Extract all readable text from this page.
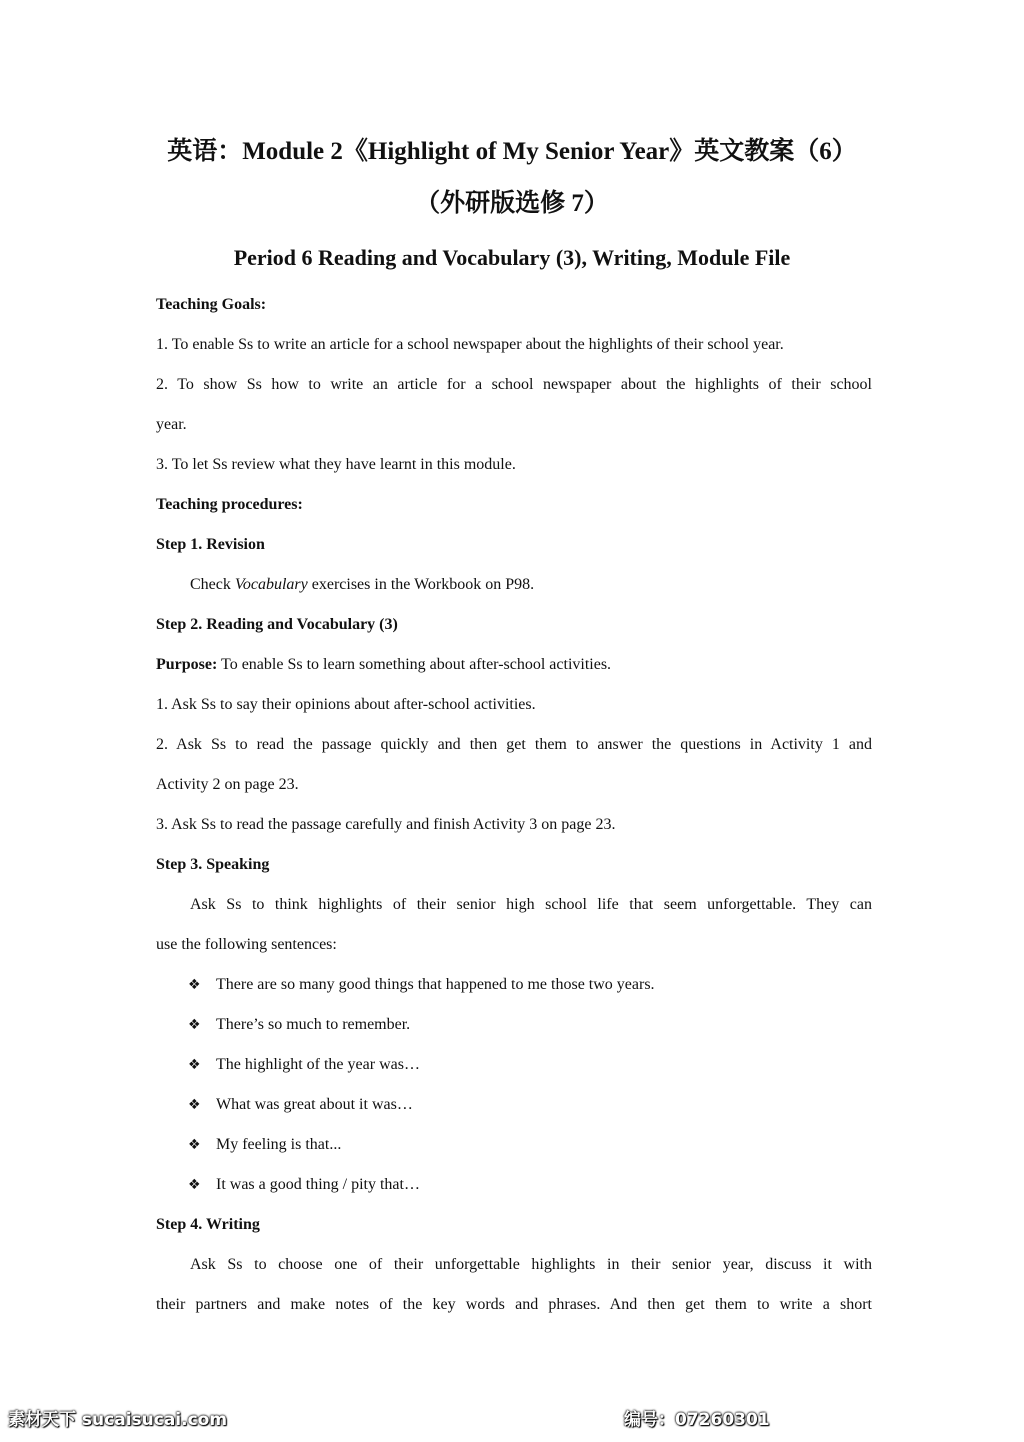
英语：Module 2《Highlight of My Senior Year》英文教案（6）
（外研版选修 7）
Period 6 Reading and Vocabulary (3), Writing, Module File
Teaching Goals:
1. To enable Ss to write an article for a school newspaper about the highlights of their school year.
2. To show Ss how to write an article for a school newspaper about the highlights of their school
year.
3. To let Ss review what they have learnt in this module.
Teaching procedures:
Step 1. Revision
Check Vocabulary exercises in the Workbook on P98.
Step 2. Reading and Vocabulary (3)
Purpose: To enable Ss to learn something about after-school activities.
1. Ask Ss to say their opinions about after-school activities.
2. Ask Ss to read the passage quickly and then get them to answer the questions in Activity 1 and
Activity 2 on page 23.
3. Ask Ss to read the passage carefully and finish Activity 3 on page 23.
Step 3. Speaking
Ask Ss to think highlights of their senior high school life that seem unforgettable. They can
use the following sentences:
❖ There are so many good things that happened to me those two years.
❖ There’s so much to remember.
❖ The highlight of the year was…
❖ What was great about it was…
❖ My feeling is that...
❖ It was a good thing / pity that…
Step 4. Writing
Ask Ss to choose one of their unforgettable highlights in their senior year, discuss it with
their partners and make notes of the key words and phrases. And then get them to write a short
素材天下 sucaisucai.com	编号：07260301
